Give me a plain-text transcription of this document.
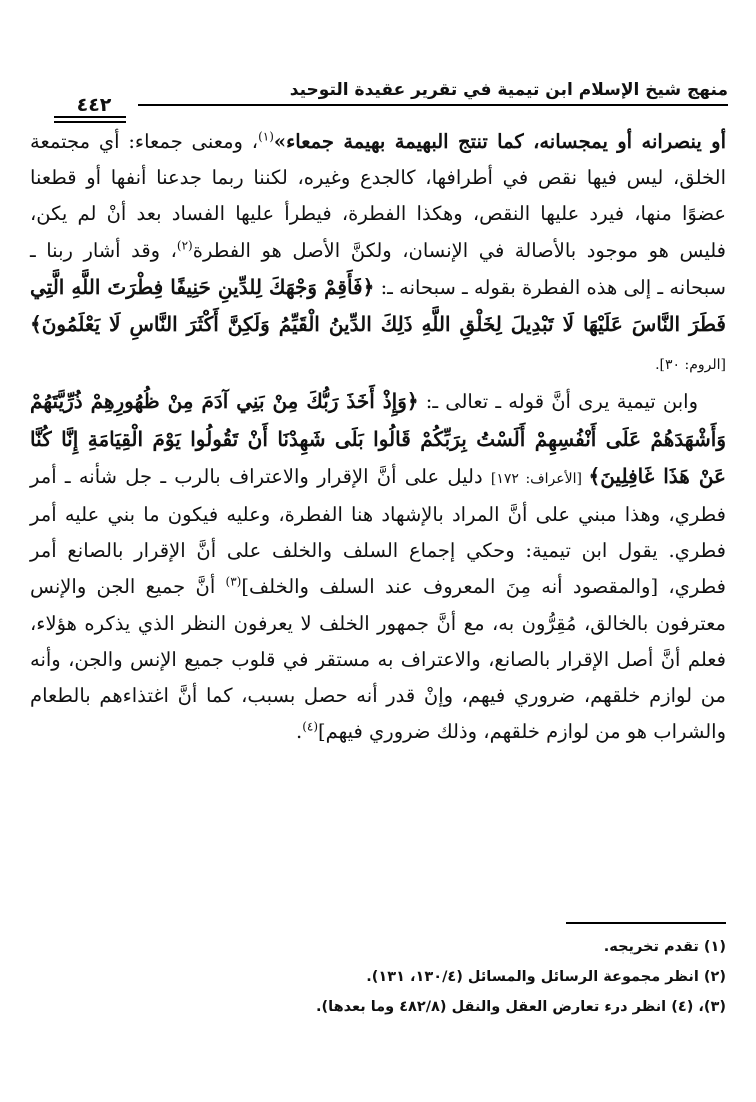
منهج شيخ الإسلام ابن تيمية في تقرير عقيدة التوحيد
٤٤٢

أو ينصرانه أو يمجسانه، كما تنتج البهيمة بهيمة جمعاء»$^{(١)}$، ومعنى جمعاء: أي مجتمعة الخلق، ليس فيها نقص في أطرافها، كالجدع وغيره، لكننا ربما جدعنا أنفها أو قطعنا عضوًا منها، فيرد عليها النقص، وهكذا الفطرة، فيطرأ عليها الفساد بعد أنْ لم يكن، فليس هو موجود بالأصالة في الإنسان، ولكنَّ الأصل هو الفطرة$^{(٢)}$، وقد أشار ربنا ـ سبحانه ـ إلى هذه الفطرة بقوله ـ سبحانه ـ: ﴿فَأَقِمْ وَجْهَكَ لِلدِّينِ حَنِيفًا فِطْرَتَ اللَّهِ الَّتِي فَطَرَ النَّاسَ عَلَيْهَا لَا تَبْدِيلَ لِخَلْقِ اللَّهِ ذَلِكَ الدِّينُ الْقَيِّمُ وَلَكِنَّ أَكْثَرَ النَّاسِ لَا يَعْلَمُونَ﴾ [الروم: ٣٠].

وابن تيمية يرى أنَّ قوله ـ تعالى ـ: ﴿وَإِذْ أَخَذَ رَبُّكَ مِنْ بَنِي آدَمَ مِنْ ظُهُورِهِمْ ذُرِّيَّتَهُمْ وَأَشْهَدَهُمْ عَلَى أَنْفُسِهِمْ أَلَسْتُ بِرَبِّكُمْ قَالُوا بَلَى شَهِدْنَا أَنْ تَقُولُوا يَوْمَ الْقِيَامَةِ إِنَّا كُنَّا عَنْ هَذَا غَافِلِينَ﴾ [الأعراف: ١٧٢] دليل على أنَّ الإقرار والاعتراف بالرب ـ جل شأنه ـ أمر فطري، وهذا مبني على أنَّ المراد بالإشهاد هنا الفطرة، وعليه فيكون ما بني عليه أمر فطري. يقول ابن تيمية: وحكي إجماع السلف والخلف على أنَّ الإقرار بالصانع أمر فطري، [والمقصود أنه مِنَ المعروف عند السلف والخلف]$^{(٣)}$ أنَّ جميع الجن والإنس معترفون بالخالق، مُقِرُّون به، مع أنَّ جمهور الخلف لا يعرفون النظر الذي يذكره هؤلاء، فعلم أنَّ أصل الإقرار بالصانع، والاعتراف به مستقر في قلوب جميع الإنس والجن، وأنه من لوازم خلقهم، ضروري فيهم، وإنْ قدر أنه حصل بسبب، كما أنَّ اغتذاءهم بالطعام والشراب هو من لوازم خلقهم، وذلك ضروري فيهم]$^{(٤)}$.

(١) تقدم تخريجه.
(٢) انظر مجموعة الرسائل والمسائل (١٣٠/٤، ١٣١).
(٣)، (٤) انظر درء تعارض العقل والنقل (٤٨٢/٨ وما بعدها).
